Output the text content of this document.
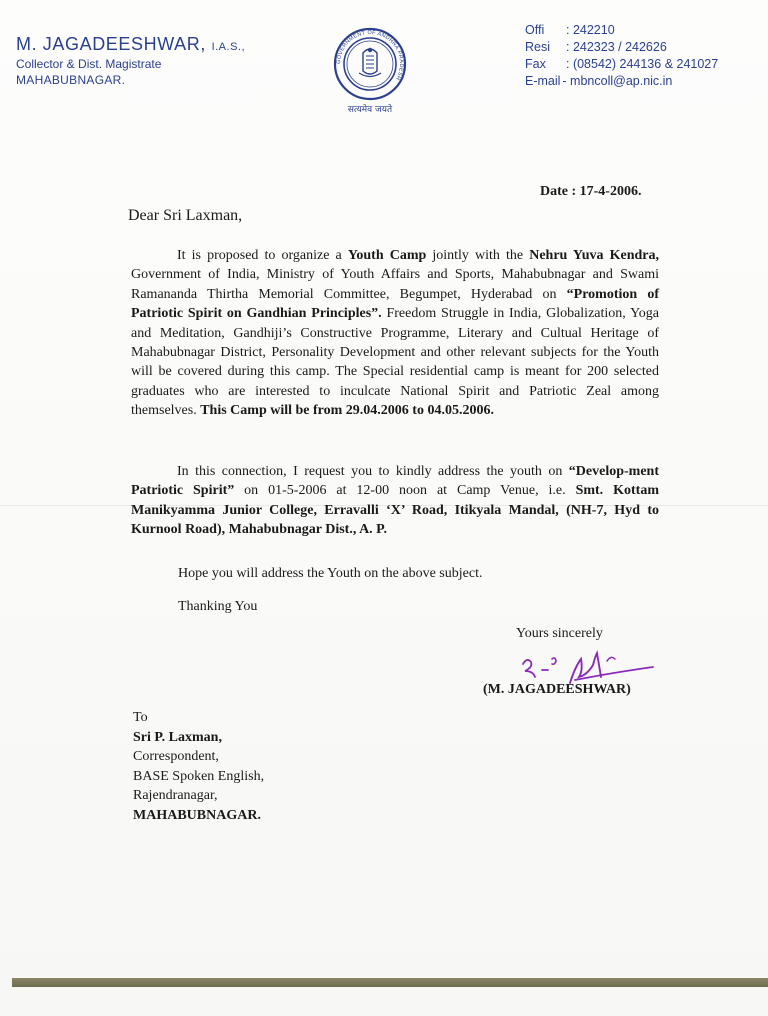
M. JAGADEESHWAR, I.A.S.,
Collector & Dist. Magistrate
MAHABUBNAGAR.
GOVERNMENT OF ANDHRA PRADESH
सत्यमेव जयते
Offi	: 242210
Resi	: 242323 / 242626
Fax	: (08542) 244136 & 241027
E-mail - mbncoll@ap.nic.in
Date : 17-4-2006.
Dear Sri Laxman,
It is proposed to organize a Youth Camp jointly with the Nehru Yuva Kendra, Government of India, Ministry of Youth Affairs and Sports, Mahabubnagar and Swami Ramananda Thirtha Memorial Committee, Begumpet, Hyderabad on “Promotion of Patriotic Spirit on Gandhian Principles”. Freedom Struggle in India, Globalization, Yoga and Meditation, Gandhiji’s Constructive Programme, Literary and Cultual Heritage of Mahabubnagar District, Personality Development and other relevant subjects for the Youth will be covered during this camp. The Special residential camp is meant for 200 selected graduates who are interested to inculcate National Spirit and Patriotic Zeal among themselves. This Camp will be from 29.04.2006 to 04.05.2006.
In this connection, I request you to kindly address the youth on “Develop-ment Patriotic Spirit” on 01-5-2006 at 12-00 noon at Camp Venue, i.e. Smt. Kottam Manikyamma Junior College, Erravalli ‘X’ Road, Itikyala Mandal, (NH-7, Hyd to Kurnool Road), Mahabubnagar Dist., A. P.
Hope you will address the Youth on the above subject.
Thanking You
Yours sincerely
(M. JAGADEESHWAR)
To
Sri P. Laxman,
Correspondent,
BASE Spoken English,
Rajendranagar,
MAHABUBNAGAR.
